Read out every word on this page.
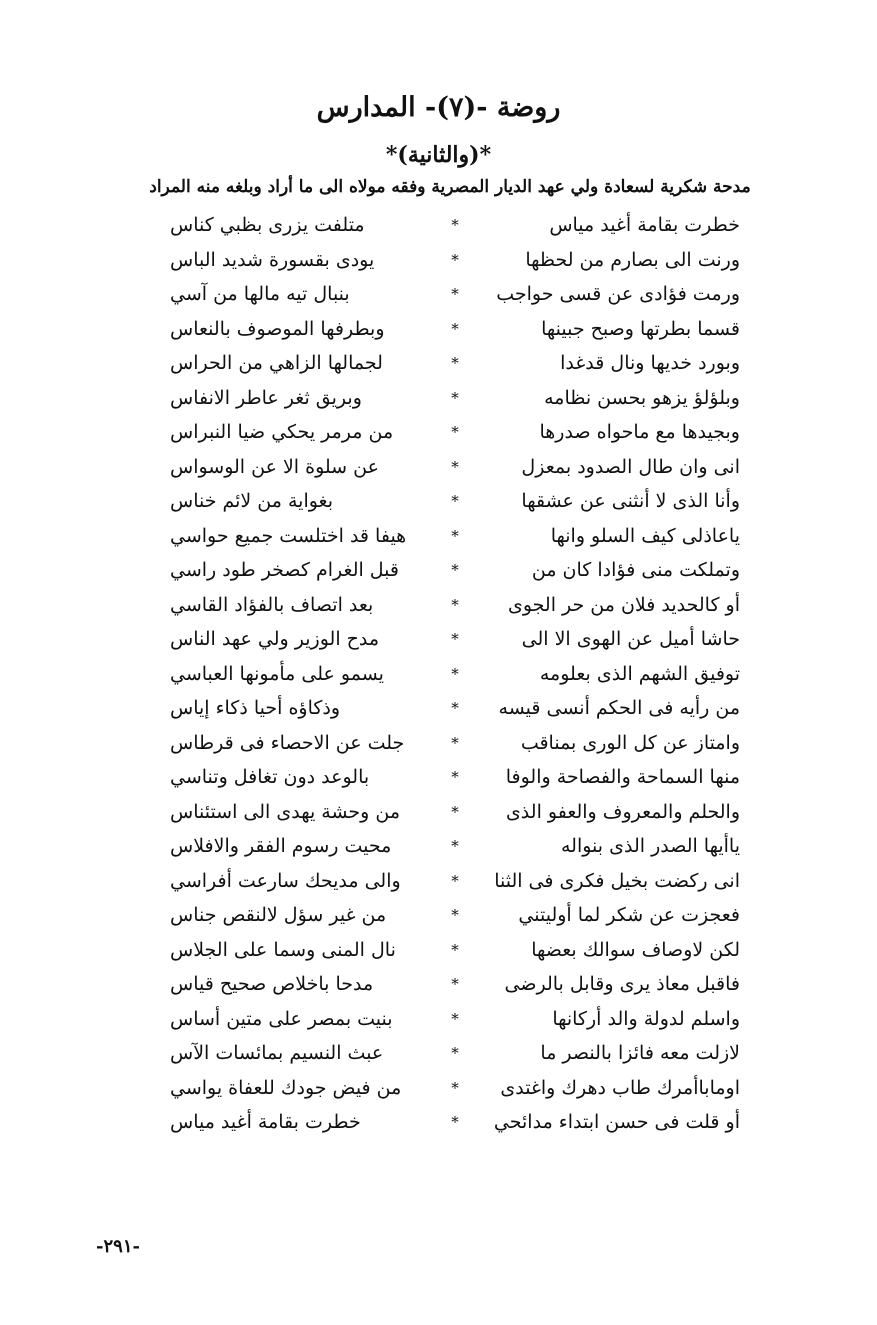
روضة -(٧)- المدارس
*(والثانية)*
مدحة شكرية لسعادة ولي عهد الديار المصرية وفقه مولاه الى ما أراد وبلغه منه المراد
خطرت بقامة أغيد مياس
*
متلفت يزرى بظبي كناس
ورنت الى بصارم من لحظها
*
يودى بقسورة شديد الباس
ورمت فؤادى عن قسى حواجب
*
بنبال تيه مالها من آسي
قسما بطرتها وصبح جبينها
*
وبطرفها الموصوف بالنعاس
وبورد خديها ونال قدغدا
*
لجمالها الزاهي من الحراس
وبلؤلؤ يزهو بحسن نظامه
*
وبريق ثغر عاطر الانفاس
وبجيدها مع ماحواه صدرها
*
من مرمر يحكي ضيا النبراس
انى وان طال الصدود بمعزل
*
عن سلوة الا عن الوسواس
وأنا الذى لا أنثنى عن عشقها
*
بغواية من لائم خناس
ياعاذلى كيف السلو وانها
*
هيفا قد اختلست جميع حواسي
وتملكت منى فؤادا كان من
*
قبل الغرام كصخر طود راسي
أو كالحديد فلان من حر الجوى
*
بعد اتصاف بالفؤاد القاسي
حاشا أميل عن الهوى الا الى
*
مدح الوزير ولي عهد الناس
توفيق الشهم الذى بعلومه
*
يسمو على مأمونها العباسي
من رأيه فى الحكم أنسى قيسه
*
وذكاؤه أحيا ذكاء إياس
وامتاز عن كل الورى بمناقب
*
جلت عن الاحصاء فى قرطاس
منها السماحة والفصاحة والوفا
*
بالوعد دون تغافل وتناسي
والحلم والمعروف والعفو الذى
*
من وحشة يهدى الى استئناس
ياأيها الصدر الذى بنواله
*
محيت رسوم الفقر والافلاس
انى ركضت بخيل فكرى فى الثنا
*
والى مديحك سارعت أفراسي
فعجزت عن شكر لما أوليتني
*
من غير سؤل لالنقص جناس
لكن لاوصاف سوالك بعضها
*
نال المنى وسما على الجلاس
فاقبل معاذ يرى وقابل بالرضى
*
مدحا باخلاص صحيح قياس
واسلم لدولة والد أركانها
*
بنيت بمصر على متين أساس
لازلت معه فائزا بالنصر ما
*
عبث النسيم بمائسات الآس
اوماباأمرك طاب دهرك واغتدى
*
من فيض جودك للعفاة يواسي
أو قلت فى حسن ابتداء مدائحي
*
خطرت بقامة أغيد مياس
-٢٩١-
